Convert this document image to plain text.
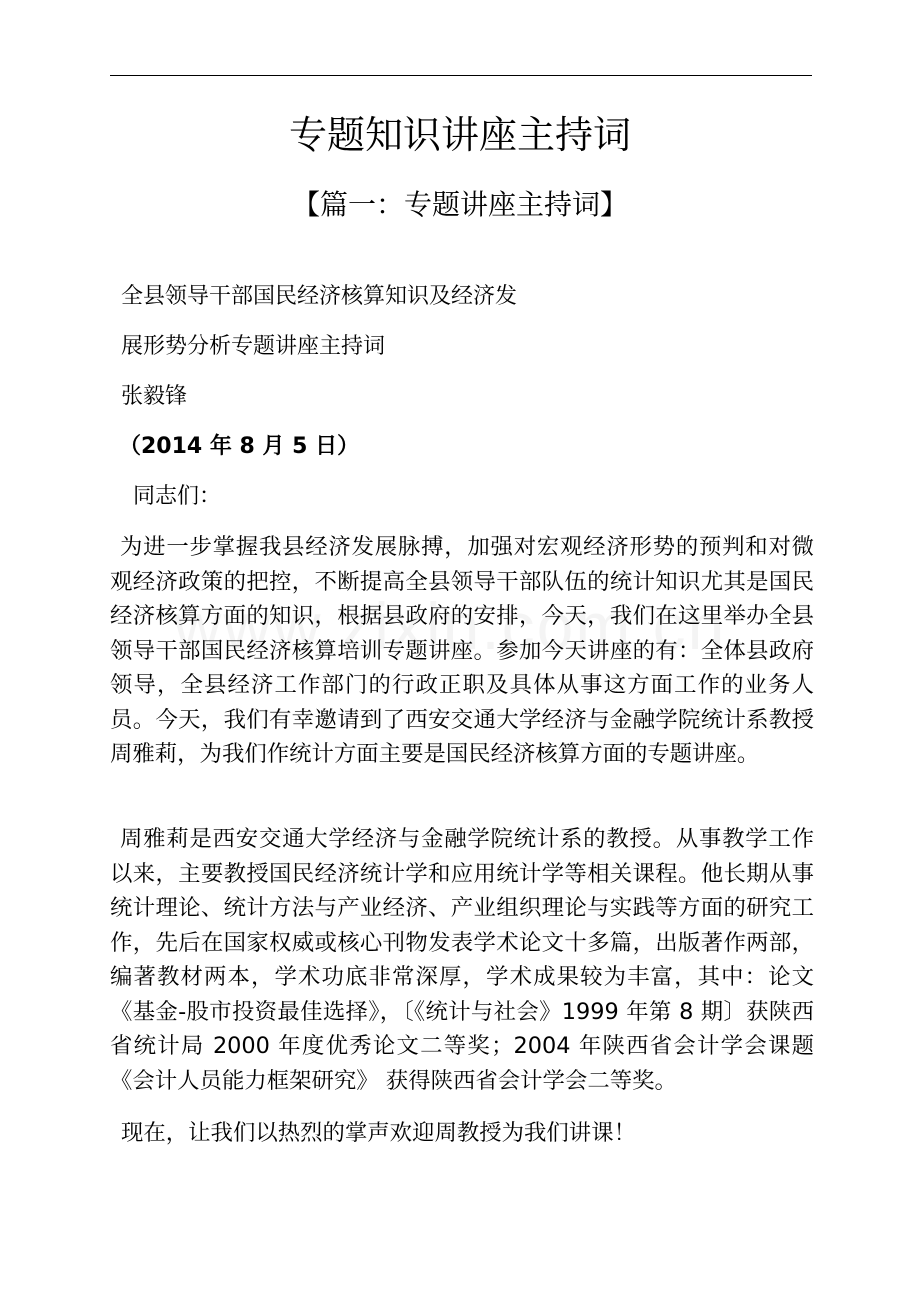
专题知识讲座主持词
【篇一：专题讲座主持词】
全县领导干部国民经济核算知识及经济发
展形势分析专题讲座主持词
张毅锋
（2014 年 8 月 5 日）
同志们：

为进一步掌握我县经济发展脉搏，加强对宏观经济形势的预判和对微观经济政策的把控，不断提高全县领导干部队伍的统计知识尤其是国民经济核算方面的知识，根据县政府的安排，今天，我们在这里举办全县领导干部国民经济核算培训专题讲座。参加今天讲座的有：全体县政府领导，全县经济工作部门的行政正职及具体从事这方面工作的业务人员。今天，我们有幸邀请到了西安交通大学经济与金融学院统计系教授周雅莉，为我们作统计方面主要是国民经济核算方面的专题讲座。

周雅莉是西安交通大学经济与金融学院统计系的教授。从事教学工作以来，主要教授国民经济统计学和应用统计学等相关课程。他长期从事统计理论、统计方法与产业经济、产业组织理论与实践等方面的研究工作，先后在国家权威或核心刊物发表学术论文十多篇，出版著作两部，编著教材两本，学术功底非常深厚，学术成果较为丰富，其中：论文《基金-股市投资最佳选择》，〔《统计与社会》1999 年第 8 期〕获陕西省统计局 2000 年度优秀论文二等奖；2004 年陕西省会计学会课题 《会计人员能力框架研究》 获得陕西省会计学会二等奖。

现在，让我们以热烈的掌声欢迎周教授为我们讲课！
